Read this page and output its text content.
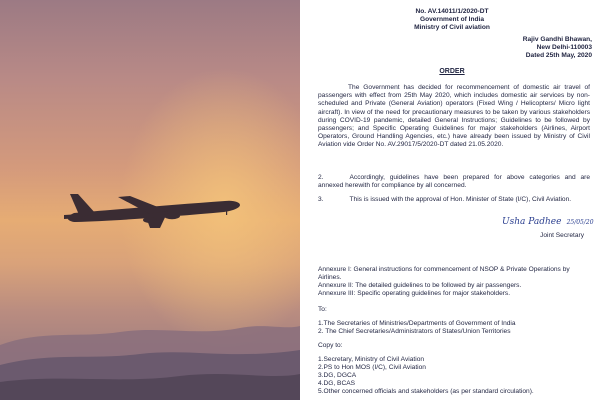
No. AV.14011/1/2020-DT
Government of India
Ministry of Civil aviation
Rajiv Gandhi Bhawan,
New Delhi-110003
Dated 25th May, 2020
ORDER
The Government has decided for recommencement of domestic air travel of passengers with effect from 25th May 2020, which includes domestic air services by non-scheduled and Private (General Aviation) operators (Fixed Wing / Helicopters/ Micro light aircraft). In view of the need for precautionary measures to be taken by various stakeholders during COVID-19 pandemic, detailed General Instructions; Guidelines to be followed by passengers; and Specific Operating Guidelines for major stakeholders (Airlines, Airport Operators, Ground Handling Agencies, etc.) have already been issued by Ministry of Civil Aviation vide Order No. AV.29017/5/2020-DT dated 21.05.2020.
2.	Accordingly, guidelines have been prepared for above categories and are annexed herewith for compliance by all concerned.
3.	This is issued with the approval of Hon. Minister of State (I/C), Civil Aviation.
Usha Padhee 25/05/20
Joint Secretary
Annexure I: General instructions for commencement of NSOP & Private Operations by Airlines.
Annexure II: The detailed guidelines to be followed by air passengers.
Annexure III: Specific operating guidelines for major stakeholders.
To:
1.The Secretaries of Ministries/Departments of Government of India
2. The Chief Secretaries/Administrators of States/Union Territories
Copy to:
1.Secretary, Ministry of Civil Aviation
2.PS to Hon MOS (I/C), Civil Aviation
3.DG, DGCA
4.DG, BCAS
5.Other concerned officials and stakeholders (as per standard circulation).
